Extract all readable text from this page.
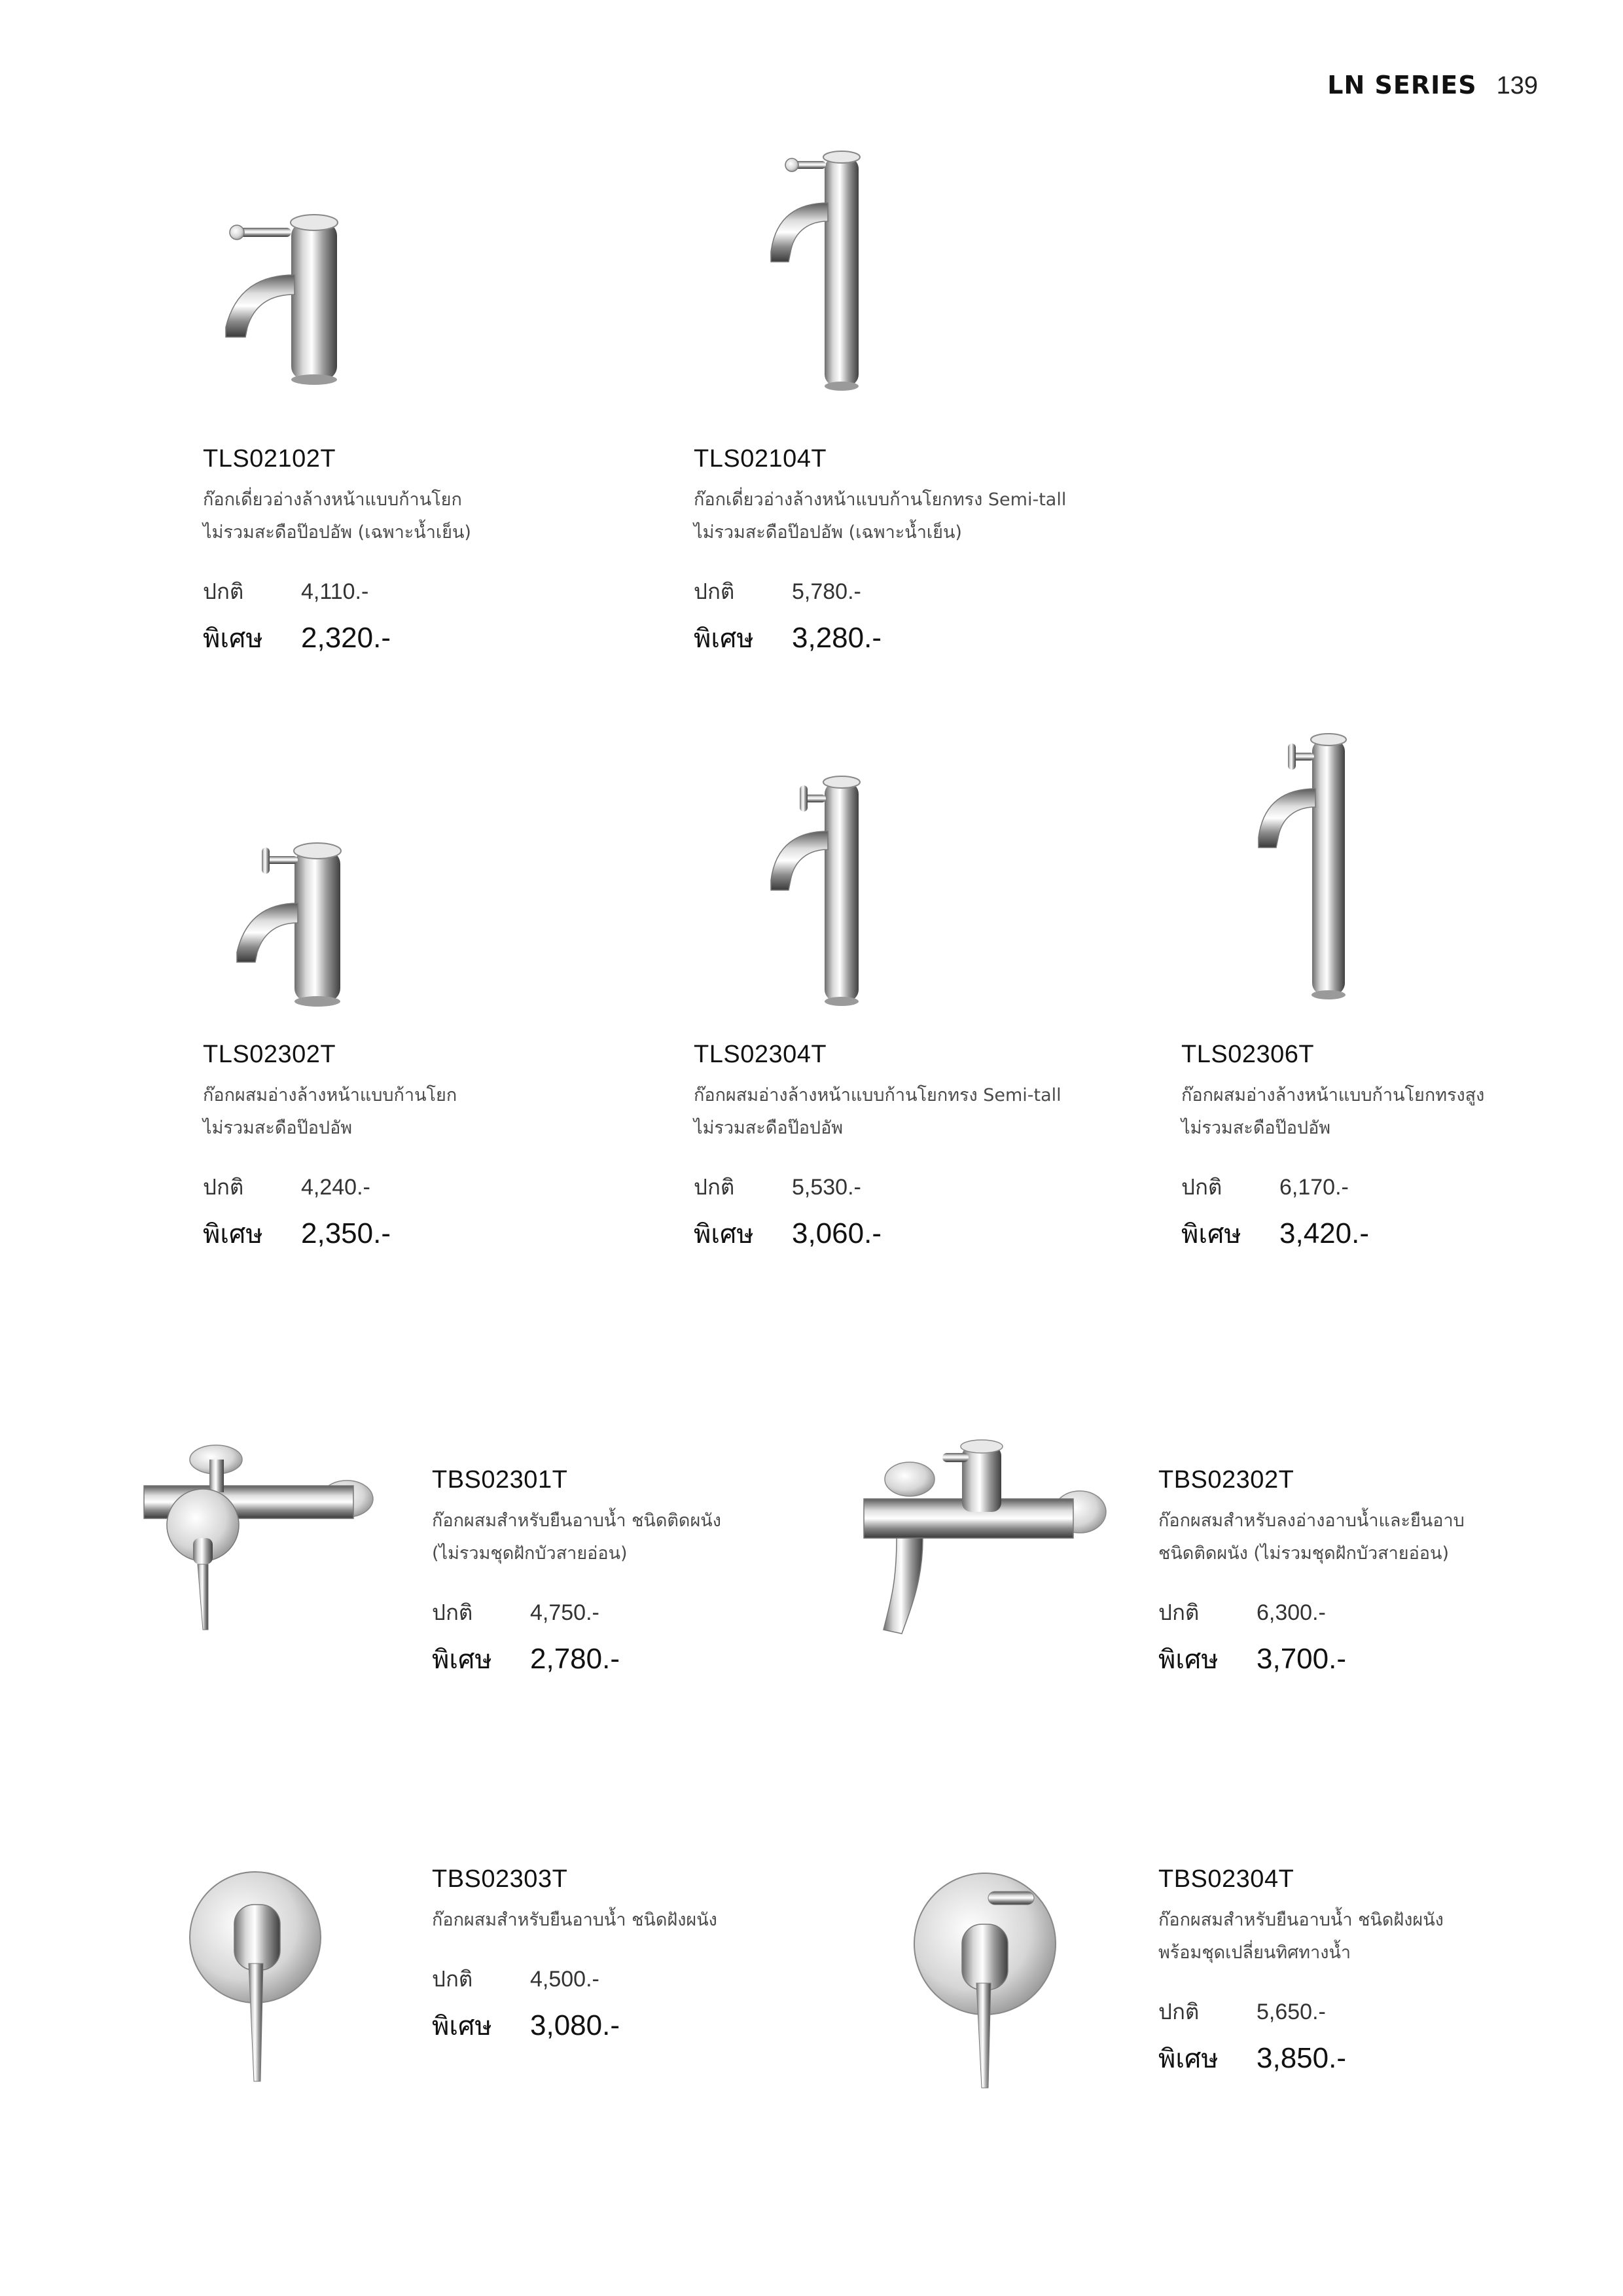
LN SERIES 139
TLS02102T
ก๊อกเดี่ยวอ่างล้างหน้าแบบก้านโยก
ไม่รวมสะดือป๊อปอัพ (เฉพาะน้ำเย็น)
ปกติ	4,110.-
พิเศษ	2,320.-
TLS02104T
ก๊อกเดี่ยวอ่างล้างหน้าแบบก้านโยกทรง Semi-tall
ไม่รวมสะดือป๊อปอัพ (เฉพาะน้ำเย็น)
ปกติ	5,780.-
พิเศษ	3,280.-
TLS02302T
ก๊อกผสมอ่างล้างหน้าแบบก้านโยก
ไม่รวมสะดือป๊อปอัพ
ปกติ	4,240.-
พิเศษ	2,350.-
TLS02304T
ก๊อกผสมอ่างล้างหน้าแบบก้านโยกทรง Semi-tall
ไม่รวมสะดือป๊อปอัพ
ปกติ	5,530.-
พิเศษ	3,060.-
TLS02306T
ก๊อกผสมอ่างล้างหน้าแบบก้านโยกทรงสูง
ไม่รวมสะดือป๊อปอัพ
ปกติ	6,170.-
พิเศษ	3,420.-
TBS02301T
ก๊อกผสมสำหรับยืนอาบน้ำ ชนิดติดผนัง
(ไม่รวมชุดฝักบัวสายอ่อน)
ปกติ	4,750.-
พิเศษ	2,780.-
TBS02302T
ก๊อกผสมสำหรับลงอ่างอาบน้ำและยืนอาบ
ชนิดติดผนัง (ไม่รวมชุดฝักบัวสายอ่อน)
ปกติ	6,300.-
พิเศษ	3,700.-
TBS02303T
ก๊อกผสมสำหรับยืนอาบน้ำ ชนิดฝังผนัง
ปกติ	4,500.-
พิเศษ	3,080.-
TBS02304T
ก๊อกผสมสำหรับยืนอาบน้ำ ชนิดฝังผนัง
พร้อมชุดเปลี่ยนทิศทางน้ำ
ปกติ	5,650.-
พิเศษ	3,850.-
